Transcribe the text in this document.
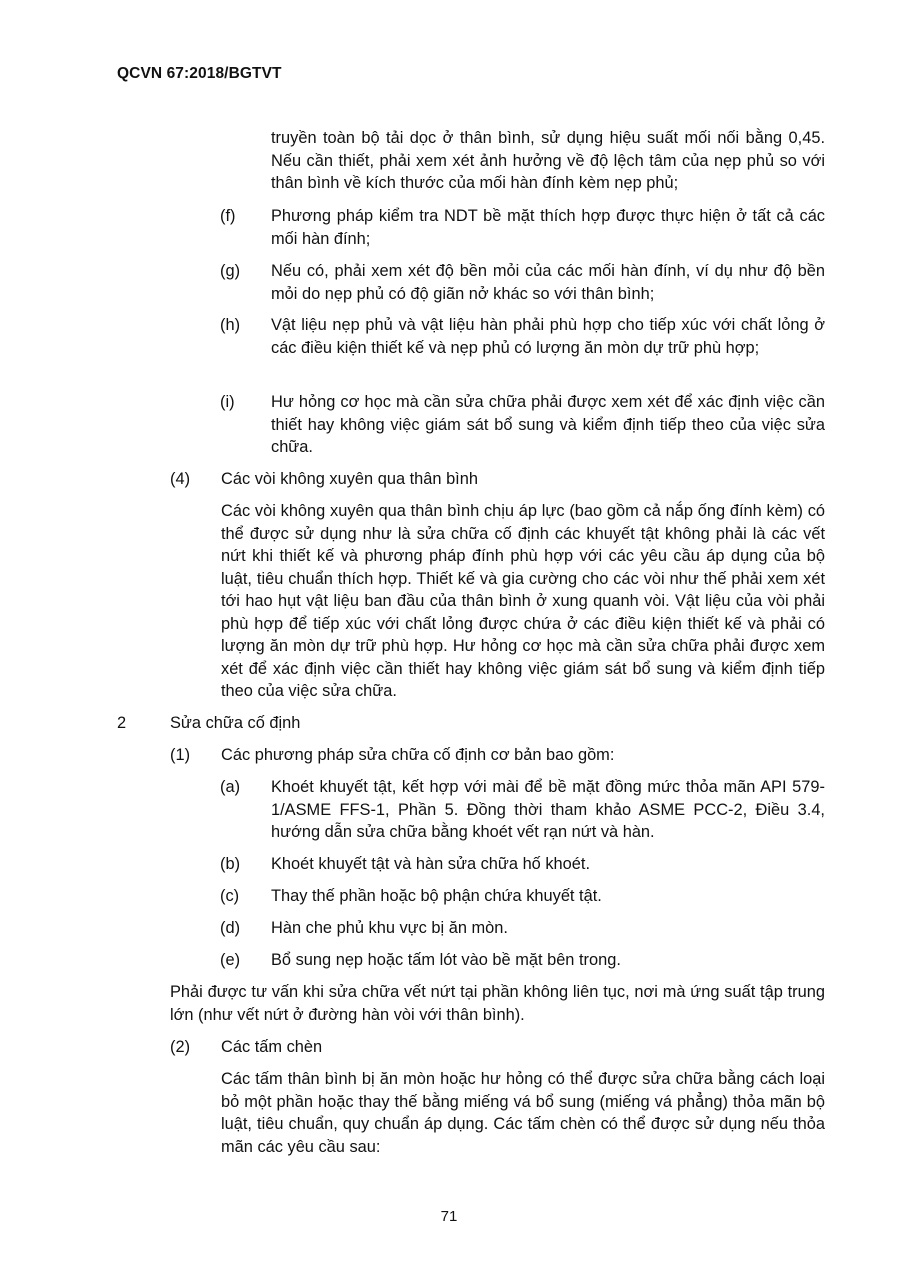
QCVN 67:2018/BGTVT
truyền toàn bộ tải dọc ở thân bình, sử dụng hiệu suất mối nối bằng 0,45. Nếu cần thiết, phải xem xét ảnh hưởng về độ lệch tâm của nẹp phủ so với thân bình về kích thước của mối hàn đính kèm nẹp phủ;
(f) Phương pháp kiểm tra NDT bề mặt thích hợp được thực hiện ở tất cả các mối hàn đính;
(g) Nếu có, phải xem xét độ bền mỏi của các mối hàn đính, ví dụ như độ bền mỏi do nẹp phủ có độ giãn nở khác so với thân bình;
(h) Vật liệu nẹp phủ và vật liệu hàn phải phù hợp cho tiếp xúc với chất lỏng ở các điều kiện thiết kế và nẹp phủ có lượng ăn mòn dự trữ phù hợp;
(i) Hư hỏng cơ học mà cần sửa chữa phải được xem xét để xác định việc cần thiết hay không việc giám sát bổ sung và kiểm định tiếp theo của việc sửa chữa.
(4) Các vòi không xuyên qua thân bình
Các vòi không xuyên qua thân bình chịu áp lực (bao gồm cả nắp ống đính kèm) có thể được sử dụng như là sửa chữa cố định các khuyết tật không phải là các vết nứt khi thiết kế và phương pháp đính phù hợp với các yêu cầu áp dụng của bộ luật, tiêu chuẩn thích hợp. Thiết kế và gia cường cho các vòi như thế phải xem xét tới hao hụt vật liệu ban đầu của thân bình ở xung quanh vòi. Vật liệu của vòi phải phù hợp để tiếp xúc với chất lỏng được chứa ở các điều kiện thiết kế và phải có lượng ăn mòn dự trữ phù hợp. Hư hỏng cơ học mà cần sửa chữa phải được xem xét để xác định việc cần thiết hay không việc giám sát bổ sung và kiểm định tiếp theo của việc sửa chữa.
2	Sửa chữa cố định
(1) Các phương pháp sửa chữa cố định cơ bản bao gồm:
(a) Khoét khuyết tật, kết hợp với mài để bề mặt đồng mức thỏa mãn API 579-1/ASME FFS-1, Phần 5. Đồng thời tham khảo ASME PCC-2, Điều 3.4, hướng dẫn sửa chữa bằng khoét vết rạn nứt và hàn.
(b) Khoét khuyết tật và hàn sửa chữa hố khoét.
(c) Thay thế phần hoặc bộ phận chứa khuyết tật.
(d) Hàn che phủ khu vực bị ăn mòn.
(e) Bổ sung nẹp hoặc tấm lót vào bề mặt bên trong.
Phải được tư vấn khi sửa chữa vết nứt tại phần không liên tục, nơi mà ứng suất tập trung lớn (như vết nứt ở đường hàn vòi với thân bình).
(2) Các tấm chèn
Các tấm thân bình bị ăn mòn hoặc hư hỏng có thể được sửa chữa bằng cách loại bỏ một phần hoặc thay thế bằng miếng vá bổ sung (miếng vá phẳng) thỏa mãn bộ luật, tiêu chuẩn, quy chuẩn áp dụng. Các tấm chèn có thể được sử dụng nếu thỏa mãn các yêu cầu sau:
71
